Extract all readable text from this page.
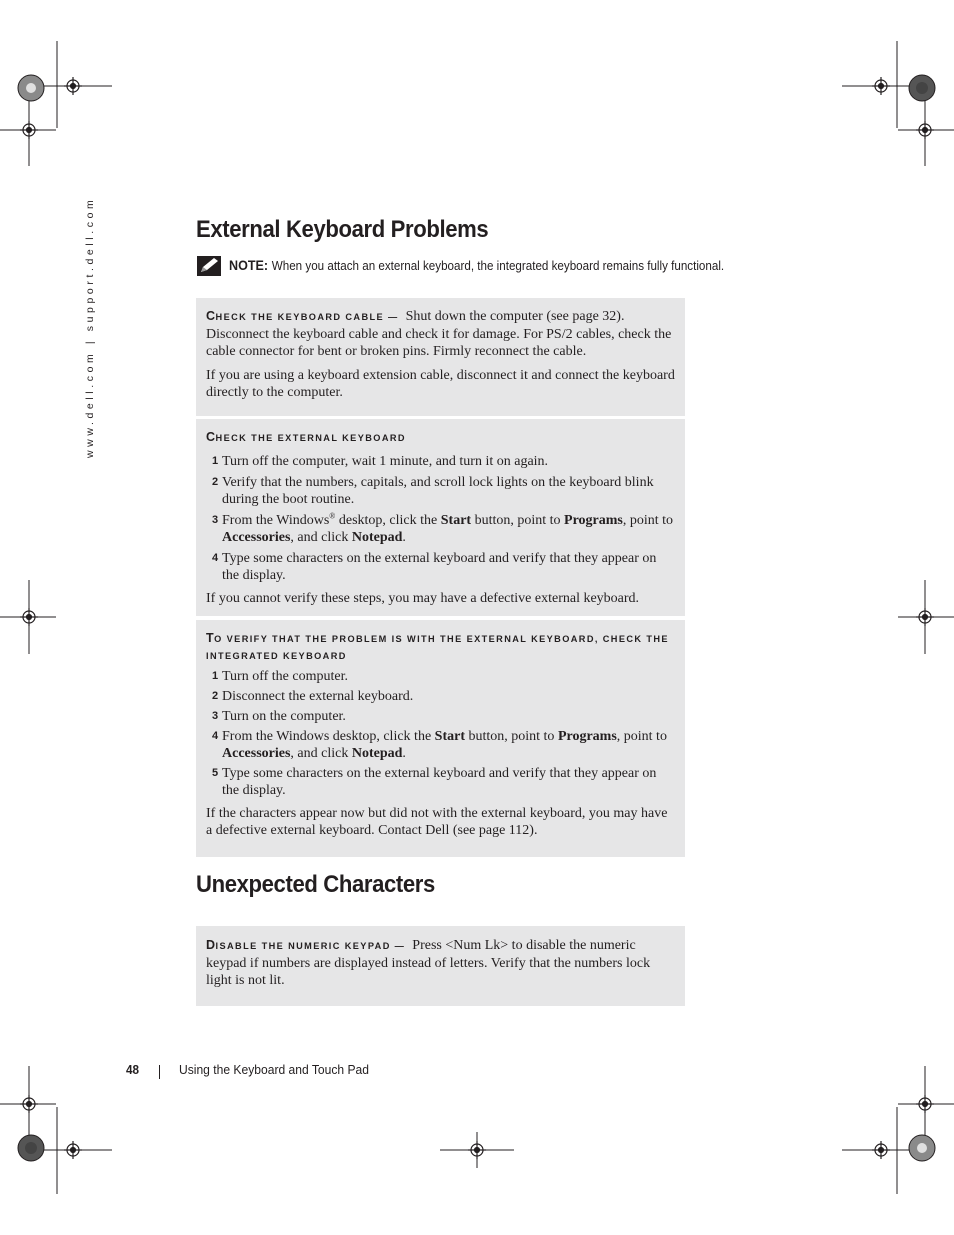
www.dell.com | support.dell.com	External Keyboard Problems
NOTE: When you attach an external keyboard, the integrated keyboard remains fully functional.

CHECK THE KEYBOARD CABLE — Shut down the computer (see page 32). Disconnect the keyboard cable and check it for damage. For PS/2 cables, check the cable connector for bent or broken pins. Firmly reconnect the cable.

If you are using a keyboard extension cable, disconnect it and connect the keyboard directly to the computer.

CHECK THE EXTERNAL KEYBOARD

1 Turn off the computer, wait 1 minute, and turn it on again.
2 Verify that the numbers, capitals, and scroll lock lights on the keyboard blink during the boot routine.
3 From the Windows® desktop, click the Start button, point to Programs, point to Accessories, and click Notepad.
4 Type some characters on the external keyboard and verify that they appear on the display.

If you cannot verify these steps, you may have a defective external keyboard.

TO VERIFY THAT THE PROBLEM IS WITH THE EXTERNAL KEYBOARD, CHECK THE INTEGRATED KEYBOARD

1 Turn off the computer.
2 Disconnect the external keyboard.
3 Turn on the computer.
4 From the Windows desktop, click the Start button, point to Programs, point to Accessories, and click Notepad.
5 Type some characters on the external keyboard and verify that they appear on the display.

If the characters appear now but did not with the external keyboard, you may have a defective external keyboard. Contact Dell (see page 112).

Unexpected Characters

DISABLE THE NUMERIC KEYPAD — Press <Num Lk> to disable the numeric keypad if numbers are displayed instead of letters. Verify that the numbers lock light is not lit.

48	Using the Keyboard and Touch Pad
